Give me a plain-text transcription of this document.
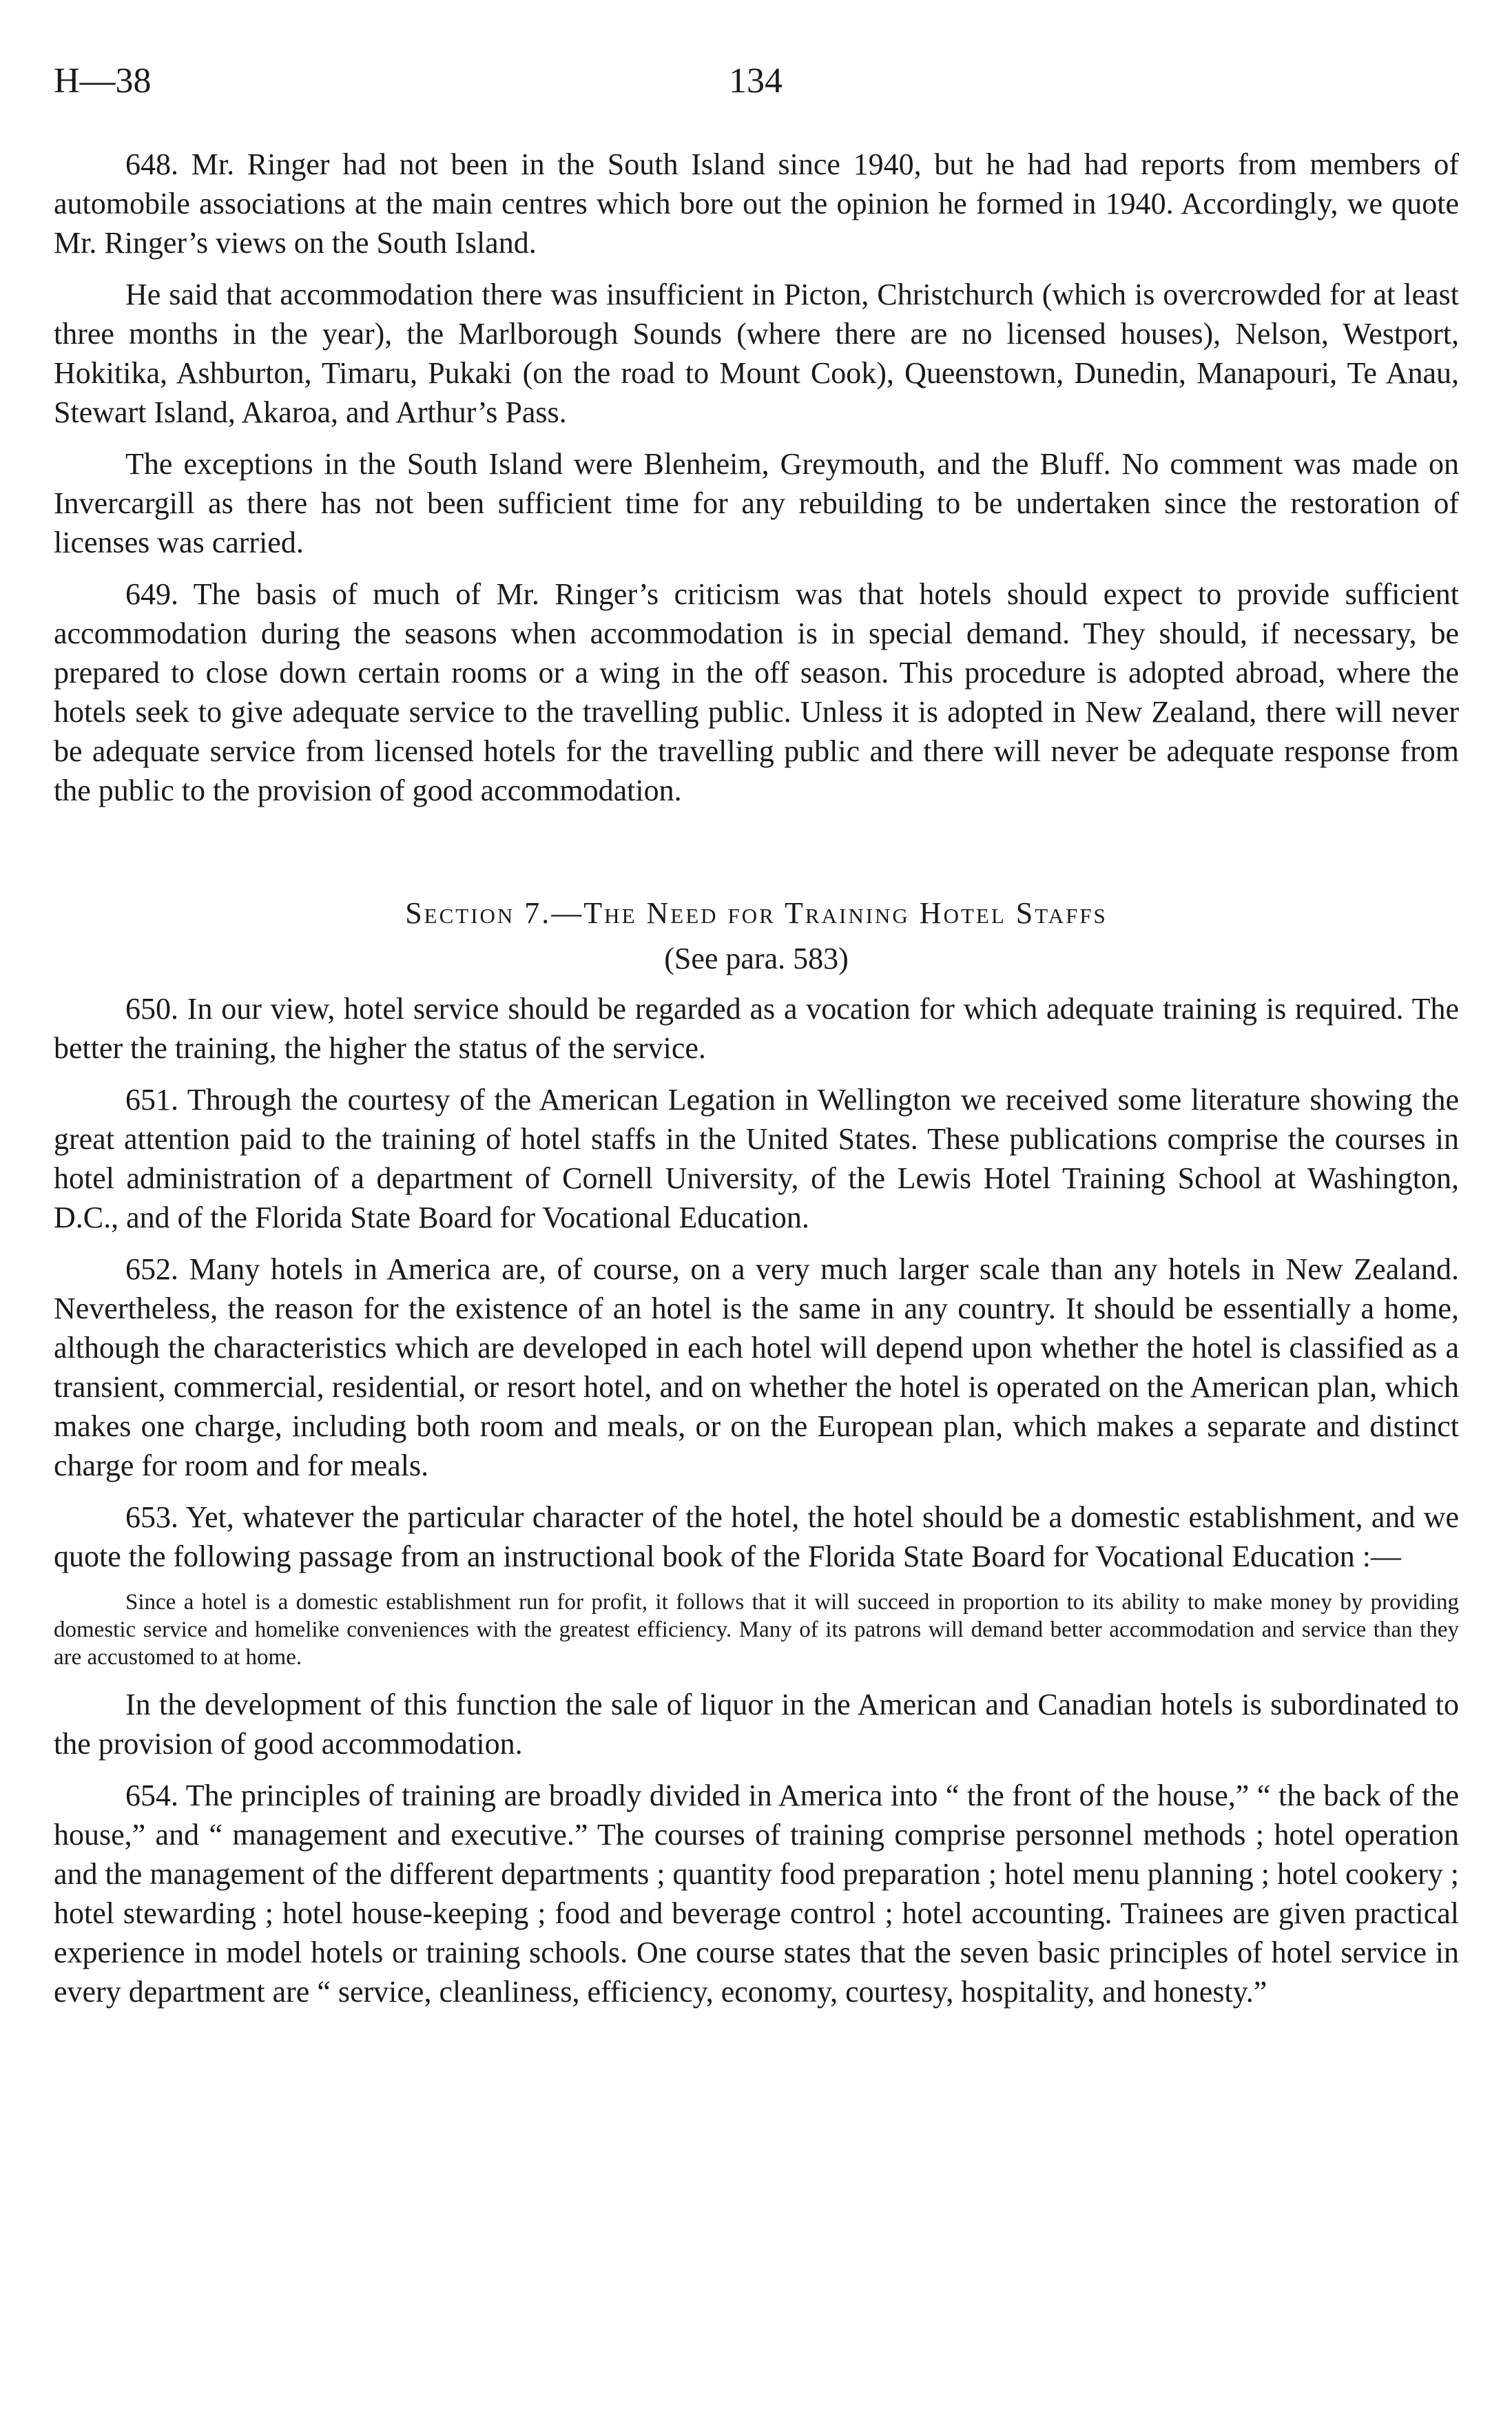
H—38	134

648. Mr. Ringer had not been in the South Island since 1940, but he had had reports from members of automobile associations at the main centres which bore out the opinion he formed in 1940. Accordingly, we quote Mr. Ringer’s views on the South Island.

He said that accommodation there was insufficient in Picton, Christchurch (which is overcrowded for at least three months in the year), the Marlborough Sounds (where there are no licensed houses), Nelson, Westport, Hokitika, Ashburton, Timaru, Pukaki (on the road to Mount Cook), Queenstown, Dunedin, Manapouri, Te Anau, Stewart Island, Akaroa, and Arthur’s Pass.

The exceptions in the South Island were Blenheim, Greymouth, and the Bluff. No comment was made on Invercargill as there has not been sufficient time for any rebuilding to be undertaken since the restoration of licenses was carried.

649. The basis of much of Mr. Ringer’s criticism was that hotels should expect to provide sufficient accommodation during the seasons when accommodation is in special demand. They should, if necessary, be prepared to close down certain rooms or a wing in the off season. This procedure is adopted abroad, where the hotels seek to give adequate service to the travelling public. Unless it is adopted in New Zealand, there will never be adequate service from licensed hotels for the travelling public and there will never be adequate response from the public to the provision of good accommodation.

Section 7.—The Need for Training Hotel Staffs

(See para. 583)

650. In our view, hotel service should be regarded as a vocation for which adequate training is required. The better the training, the higher the status of the service.

651. Through the courtesy of the American Legation in Wellington we received some literature showing the great attention paid to the training of hotel staffs in the United States. These publications comprise the courses in hotel administration of a department of Cornell University, of the Lewis Hotel Training School at Washington, D.C., and of the Florida State Board for Vocational Education.

652. Many hotels in America are, of course, on a very much larger scale than any hotels in New Zealand. Nevertheless, the reason for the existence of an hotel is the same in any country. It should be essentially a home, although the characteristics which are developed in each hotel will depend upon whether the hotel is classified as a transient, commercial, residential, or resort hotel, and on whether the hotel is operated on the American plan, which makes one charge, including both room and meals, or on the European plan, which makes a separate and distinct charge for room and for meals.

653. Yet, whatever the particular character of the hotel, the hotel should be a domestic establishment, and we quote the following passage from an instructional book of the Florida State Board for Vocational Education :—

Since a hotel is a domestic establishment run for profit, it follows that it will succeed in proportion to its ability to make money by providing domestic service and homelike conveniences with the greatest efficiency. Many of its patrons will demand better accommodation and service than they are accustomed to at home.

In the development of this function the sale of liquor in the American and Canadian hotels is subordinated to the provision of good accommodation.

654. The principles of training are broadly divided in America into “ the front of the house,” “ the back of the house,” and “ management and executive.” The courses of training comprise personnel methods ; hotel operation and the management of the different departments ; quantity food preparation ; hotel menu planning ; hotel cookery ; hotel stewarding ; hotel house-keeping ; food and beverage control ; hotel accounting. Trainees are given practical experience in model hotels or training schools. One course states that the seven basic principles of hotel service in every department are “ service, cleanliness, efficiency, economy, courtesy, hospitality, and honesty.”
